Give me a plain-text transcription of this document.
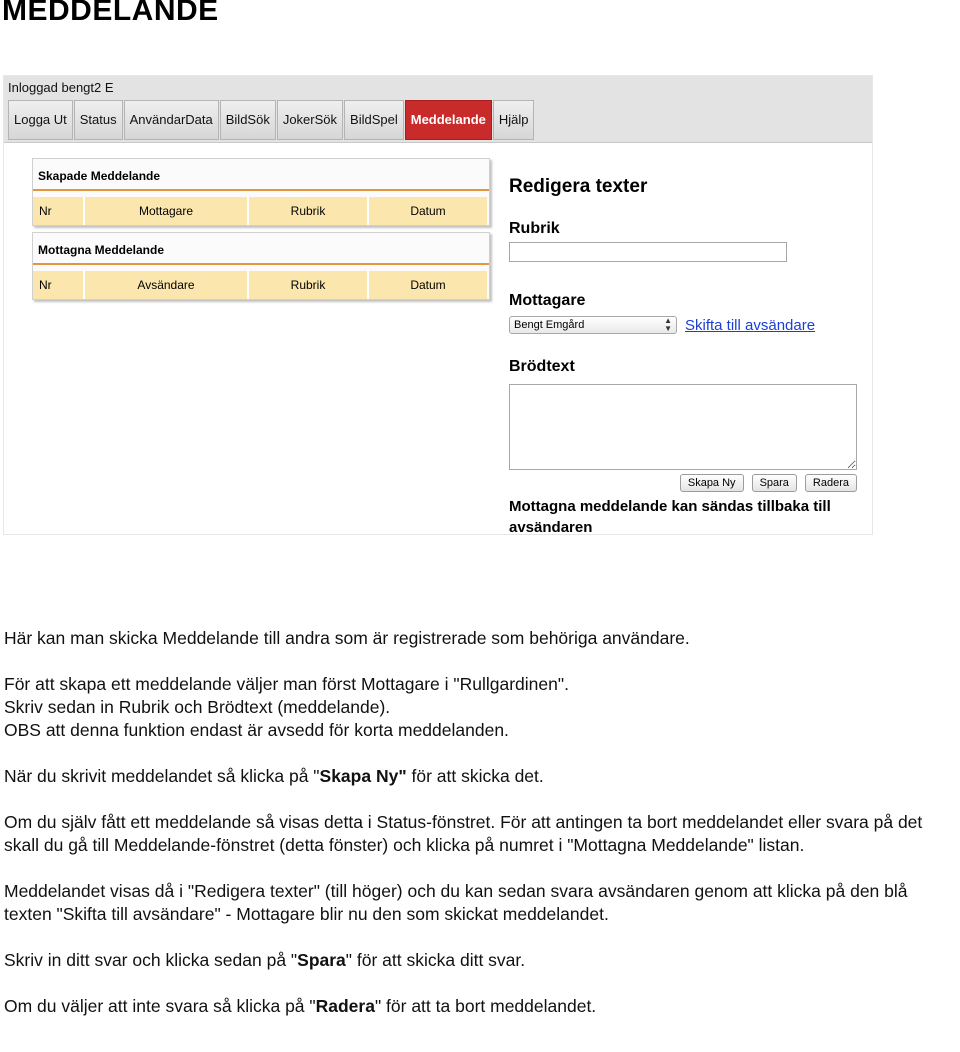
MEDDELANDE
Inloggad bengt2 E
Logga Ut	Status	AnvändarData	BildSök	JokerSök	BildSpel	Meddelande	Hjälp
Skapade Meddelande
Nr	Mottagare	Rubrik	Datum
Mottagna Meddelande
Nr	Avsändare	Rubrik	Datum
Redigera texter
Rubrik
Mottagare
Bengt Emgård	▲
▼ Skifta till avsändare
Brödtext
Skapa Ny	Spara	Radera
Mottagna meddelande kan sändas tillbaka till avsändaren

Här kan man skicka Meddelande till andra som är registrerade som behöriga användare.

För att skapa ett meddelande väljer man först Mottagare i "Rullgardinen".

Skriv sedan in Rubrik och Brödtext (meddelande).

OBS att denna funktion endast är avsedd för korta meddelanden.

När du skrivit meddelandet så klicka på "Skapa Ny" för att skicka det.

Om du själv fått ett meddelande så visas detta i Status-fönstret. För att antingen ta bort meddelandet eller svara på det skall du gå till Meddelande-fönstret (detta fönster) och klicka på numret i "Mottagna Meddelande" listan.

Meddelandet visas då i "Redigera texter" (till höger) och du kan sedan svara avsändaren genom att klicka på den blå texten "Skifta till avsändare" - Mottagare blir nu den som skickat meddelandet.

Skriv in ditt svar och klicka sedan på "Spara" för att skicka ditt svar.

Om du väljer att inte svara så klicka på "Radera" för att ta bort meddelandet.
